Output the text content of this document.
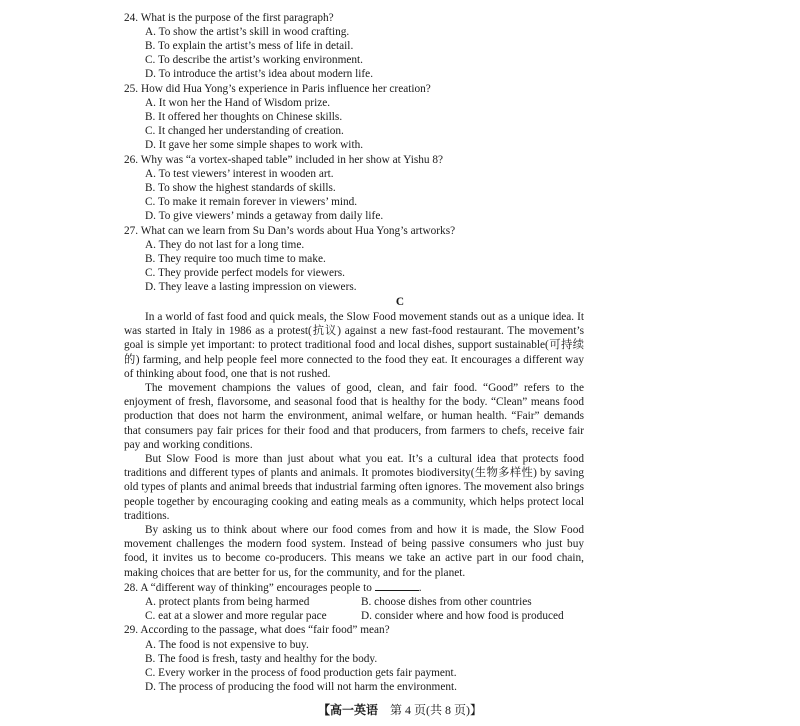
24. What is the purpose of the first paragraph?
A. To show the artist’s skill in wood crafting.
B. To explain the artist’s mess of life in detail.
C. To describe the artist’s working environment.
D. To introduce the artist’s idea about modern life.
25. How did Hua Yong’s experience in Paris influence her creation?
A. It won her the Hand of Wisdom prize.
B. It offered her thoughts on Chinese skills.
C. It changed her understanding of creation.
D. It gave her some simple shapes to work with.
26. Why was “a vortex-shaped table” included in her show at Yishu 8?
A. To test viewers’ interest in wooden art.
B. To show the highest standards of skills.
C. To make it remain forever in viewers’ mind.
D. To give viewers’ minds a getaway from daily life.
27. What can we learn from Su Dan’s words about Hua Yong’s artworks?
A. They do not last for a long time.
B. They require too much time to make.
C. They provide perfect models for viewers.
D. They leave a lasting impression on viewers.
C
In a world of fast food and quick meals, the Slow Food movement stands out as a unique idea. It was started in Italy in 1986 as a protest(抗议) against a new fast-food restaurant. The movement’s goal is simple yet important: to protect traditional food and local dishes, support sustainable(可持续的) farming, and help people feel more connected to the food they eat. It encourages a different way of thinking about food, one that is not rushed.
The movement champions the values of good, clean, and fair food. “Good” refers to the enjoyment of fresh, flavorsome, and seasonal food that is healthy for the body. “Clean” means food production that does not harm the environment, animal welfare, or human health. “Fair” demands that consumers pay fair prices for their food and that producers, from farmers to chefs, receive fair pay and working conditions.
But Slow Food is more than just about what you eat. It’s a cultural idea that protects food traditions and different types of plants and animals. It promotes biodiversity(生物多样性) by saving old types of plants and animal breeds that industrial farming often ignores. The movement also brings people together by encouraging cooking and eating meals as a community, which helps protect local traditions.
By asking us to think about where our food comes from and how it is made, the Slow Food movement challenges the modern food system. Instead of being passive consumers who just buy food, it invites us to become co-producers. This means we take an active part in our food chain, making choices that are better for us, for the community, and for the planet.
28. A “different way of thinking” encourages people to	.
A. protect plants from being harmed	B. choose dishes from other countries
C. eat at a slower and more regular pace	D. consider where and how food is produced
29. According to the passage, what does “fair food” mean?
A. The food is not expensive to buy.
B. The food is fresh, tasty and healthy for the body.
C. Every worker in the process of food production gets fair payment.
D. The process of producing the food will not harm the environment.
【高一英语  第 4 页(共 8 页)】
